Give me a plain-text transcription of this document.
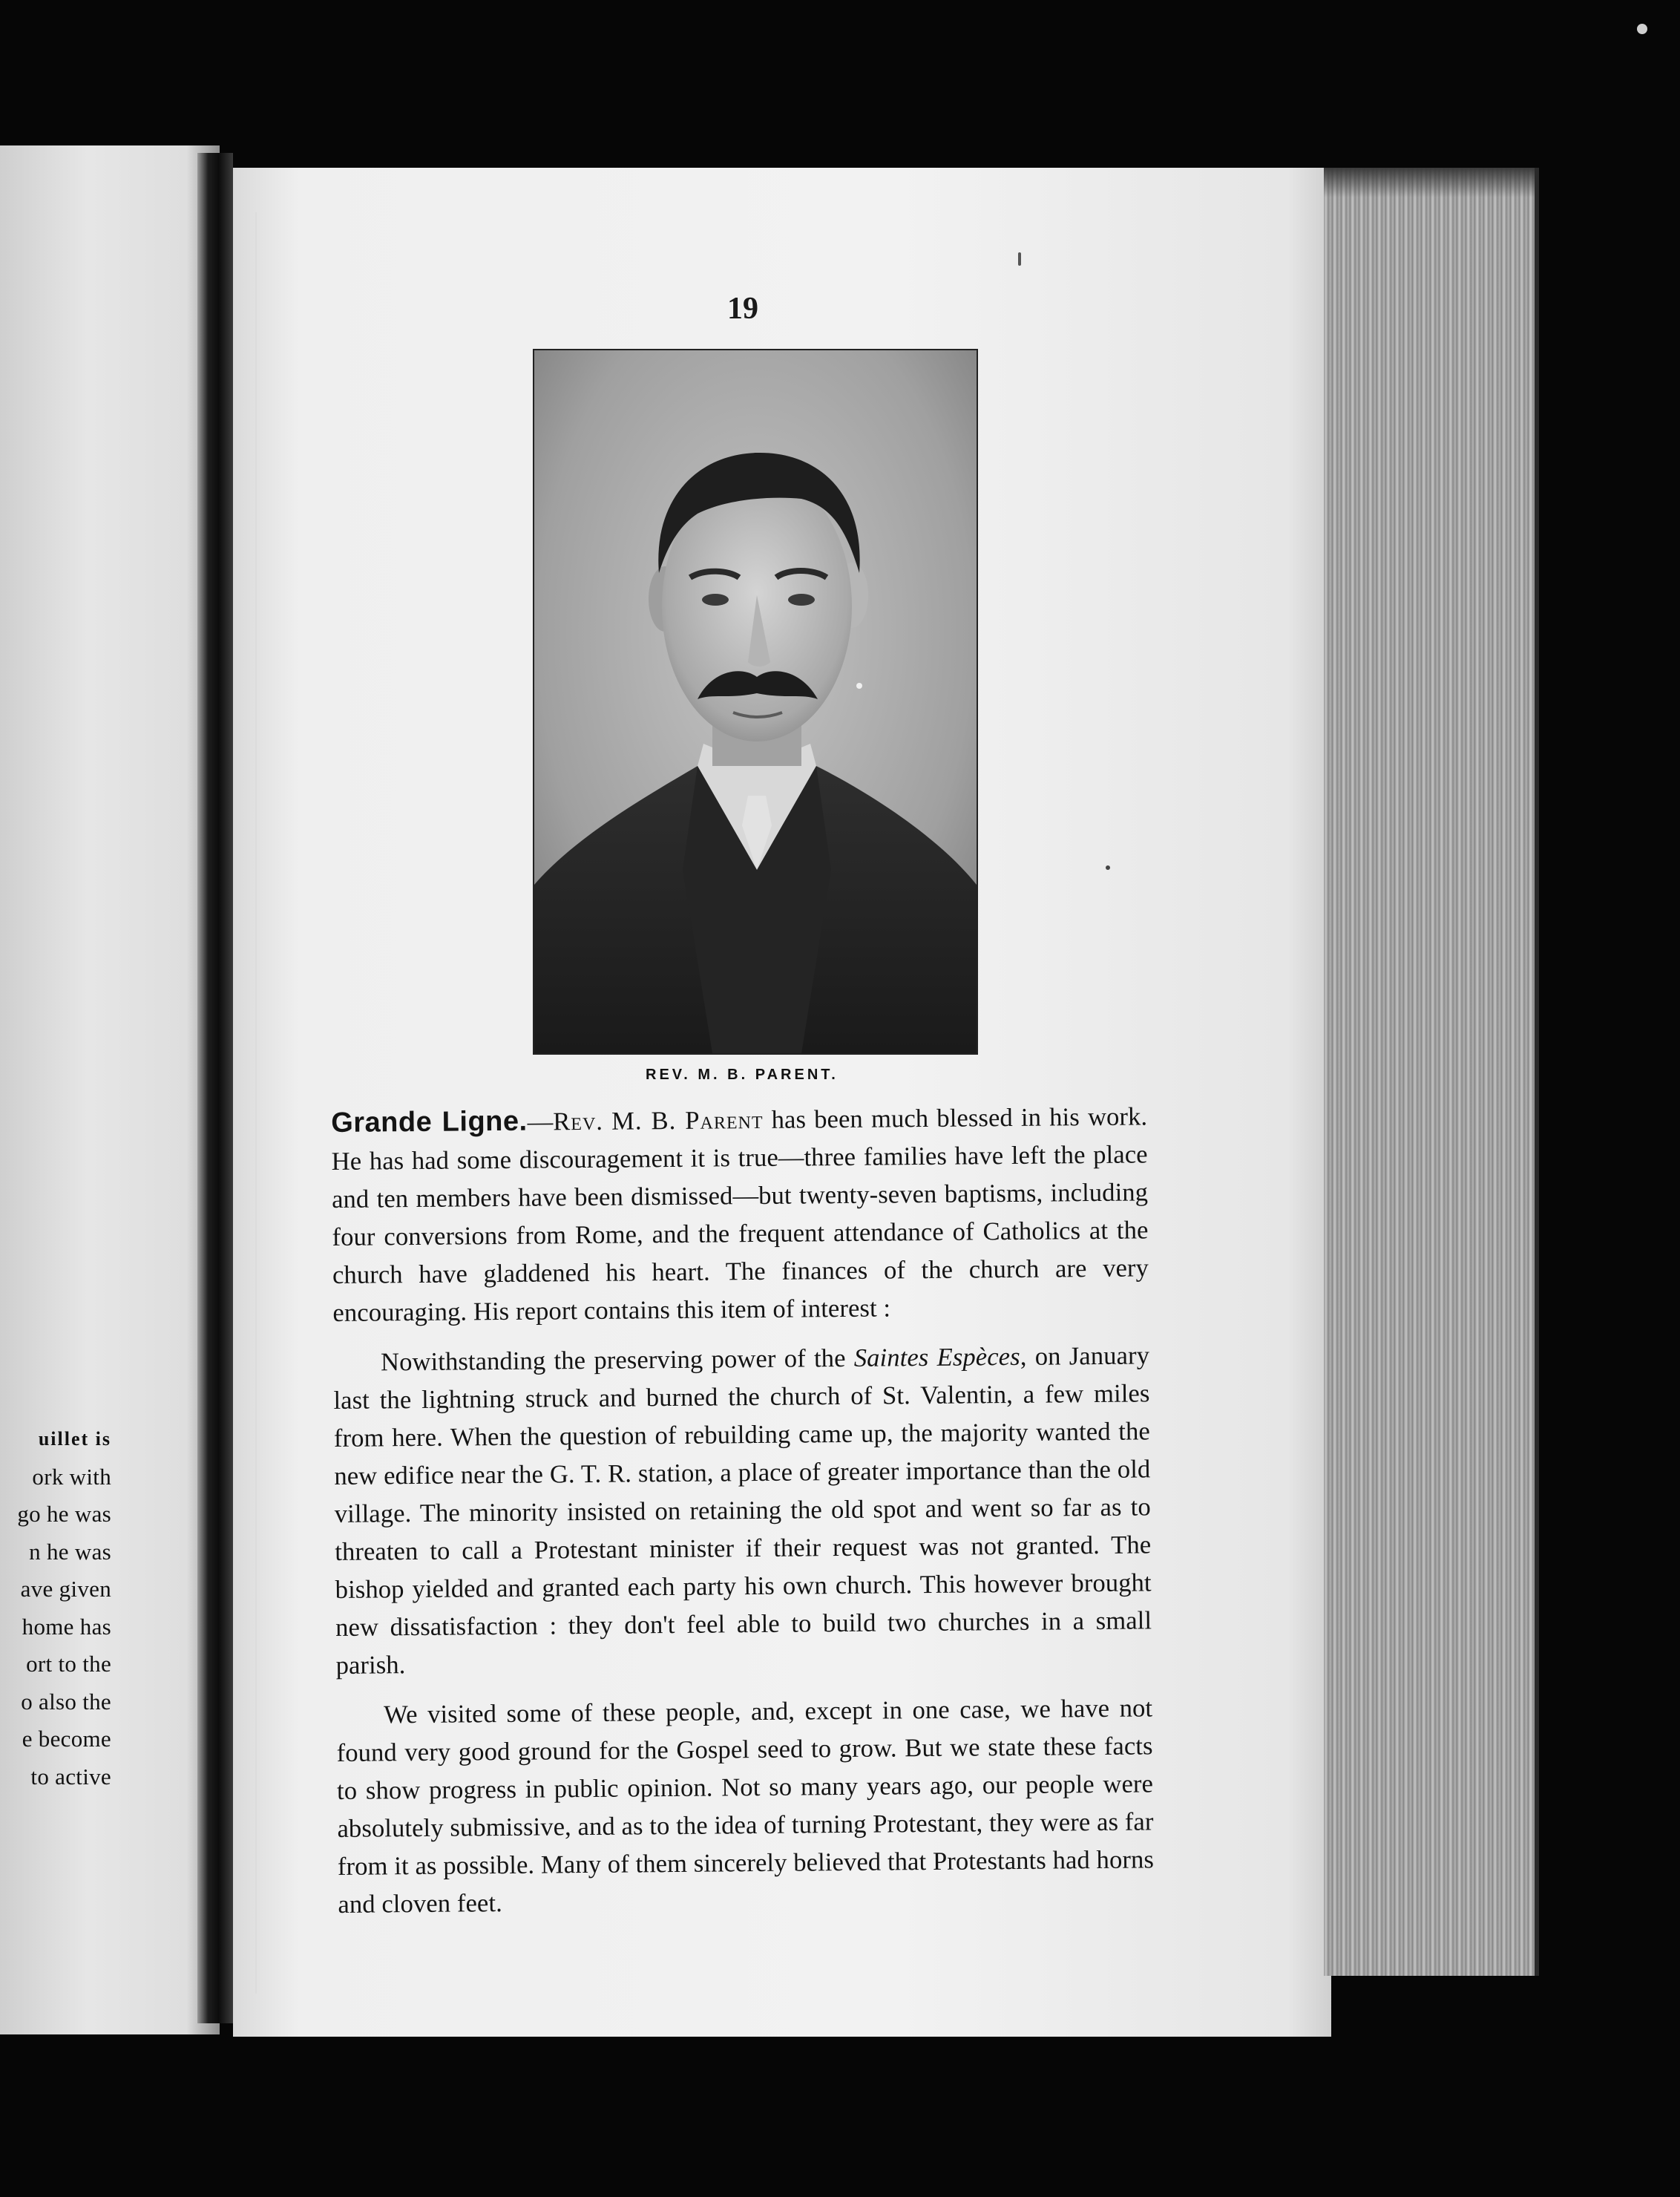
uillet is
ork with
go he was
n he was
ave given
home has
ort to the
o also the
e become
to active
19
REV. M. B. PARENT.

Grande Ligne.—Rev. M. B. Parent has been much blessed in his work. He has had some discouragement it is true—three families have left the place and ten members have been dismissed—but twenty-seven baptisms, including four conversions from Rome, and the frequent attendance of Catholics at the church have gladdened his heart. The finances of the church are very encouraging. His report contains this item of interest :

Nowithstanding the preserving power of the Saintes Espèces, on January last the lightning struck and burned the church of St. Valentin, a few miles from here. When the question of rebuilding came up, the majority wanted the new edifice near the G. T. R. station, a place of greater importance than the old village. The minority insisted on retaining the old spot and went so far as to threaten to call a Protestant minister if their request was not granted. The bishop yielded and granted each party his own church. This however brought new dissatisfaction : they don't feel able to build two churches in a small parish.

We visited some of these people, and, except in one case, we have not found very good ground for the Gospel seed to grow. But we state these facts to show progress in public opinion. Not so many years ago, our people were absolutely submissive, and as to the idea of turning Protestant, they were as far from it as possible. Many of them sincerely believed that Protestants had horns and cloven feet.
